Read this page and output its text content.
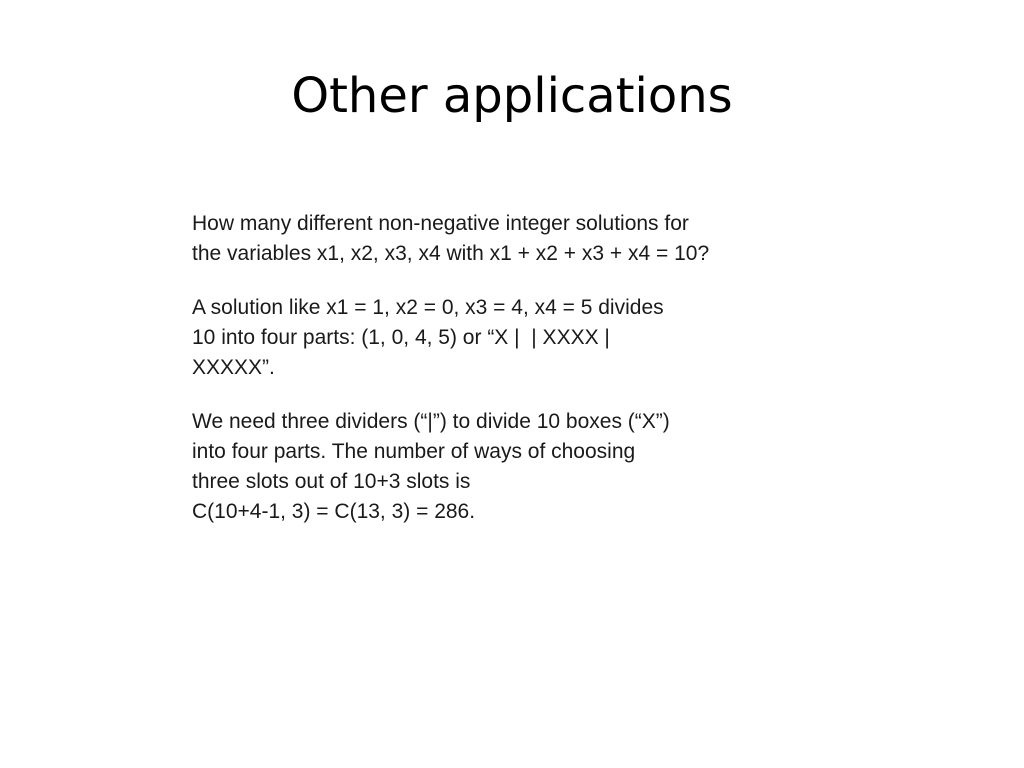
Other applications

How many different non-negative integer solutions for
the variables x1, x2, x3, x4 with x1 + x2 + x3 + x4 = 10?

A solution like x1 = 1, x2 = 0, x3 = 4, x4 = 5 divides
10 into four parts: (1, 0, 4, 5) or “X |  | XXXX |
XXXXX”.

We need three dividers (“|”) to divide 10 boxes (“X”)
into four parts. The number of ways of choosing
three slots out of 10+3 slots is
C(10+4-1, 3) = C(13, 3) = 286.
